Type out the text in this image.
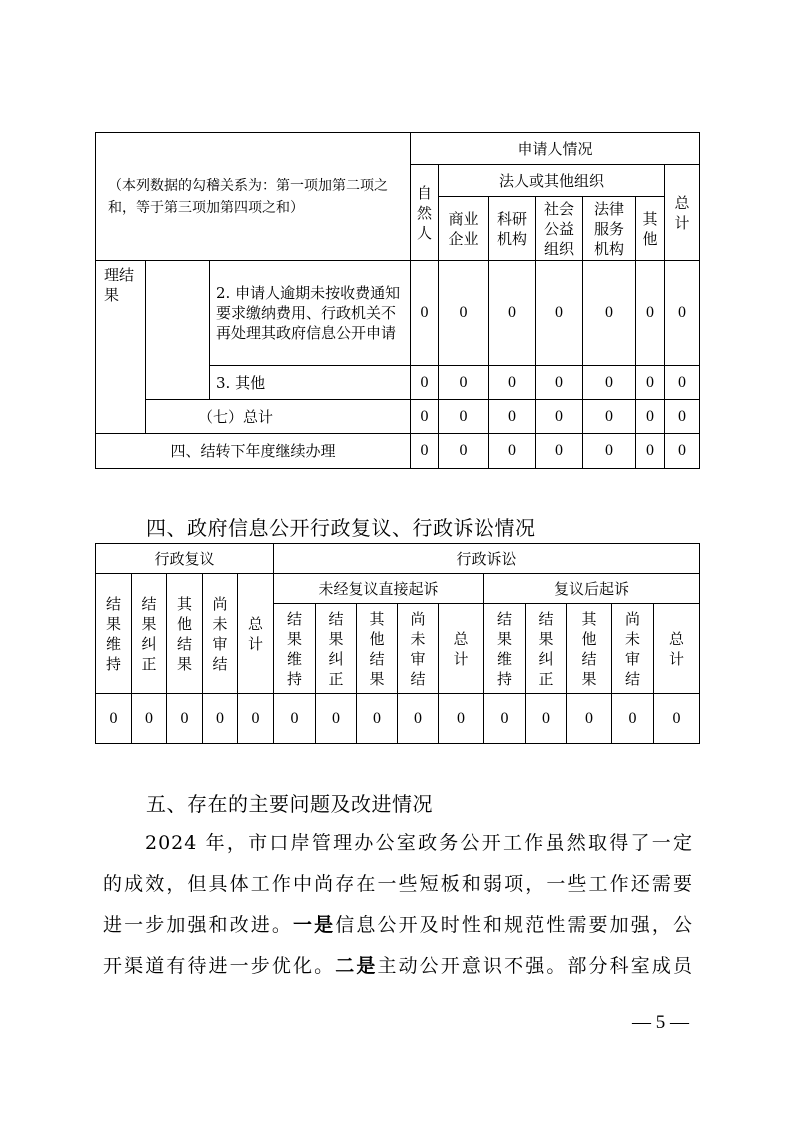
（本列数据的勾稽关系为：第一项加第二项之和，等于第三项加第四项之和）			申请人情况						
			自然人	法人或其他组织					总计
				商业企业	科研机构	社会公益组织	法律服务机构	其他	
理结果		2. 申请人逾期未按收费通知要求缴纳费用、行政机关不再处理其政府信息公开申请	0	0	0	0	0	0	0
		3. 其他	0	0	0	0	0	0	0
	（七）总计		0	0	0	0	0	0	0
四、结转下年度继续办理			0	0	0	0	0	0	0
四、政府信息公开行政复议、行政诉讼情况
行政复议					行政诉讼									
结果维持	结果纠正	其他结果	尚未审结	总计	未经复议直接起诉					复议后起诉				
					结果维持	结果纠正	其他结果	尚未审结	总计	结果维持	结果纠正	其他结果	尚未审结	总计
0	0	0	0	0	0	0	0	0	0	0	0	0	0	0
五、存在的主要问题及改进情况
2024 年，市口岸管理办公室政务公开工作虽然取得了一定
的成效，但具体工作中尚存在一些短板和弱项，一些工作还需要
进一步加强和改进。一是信息公开及时性和规范性需要加强，公
开渠道有待进一步优化。二是主动公开意识不强。部分科室成员
— 5 —
